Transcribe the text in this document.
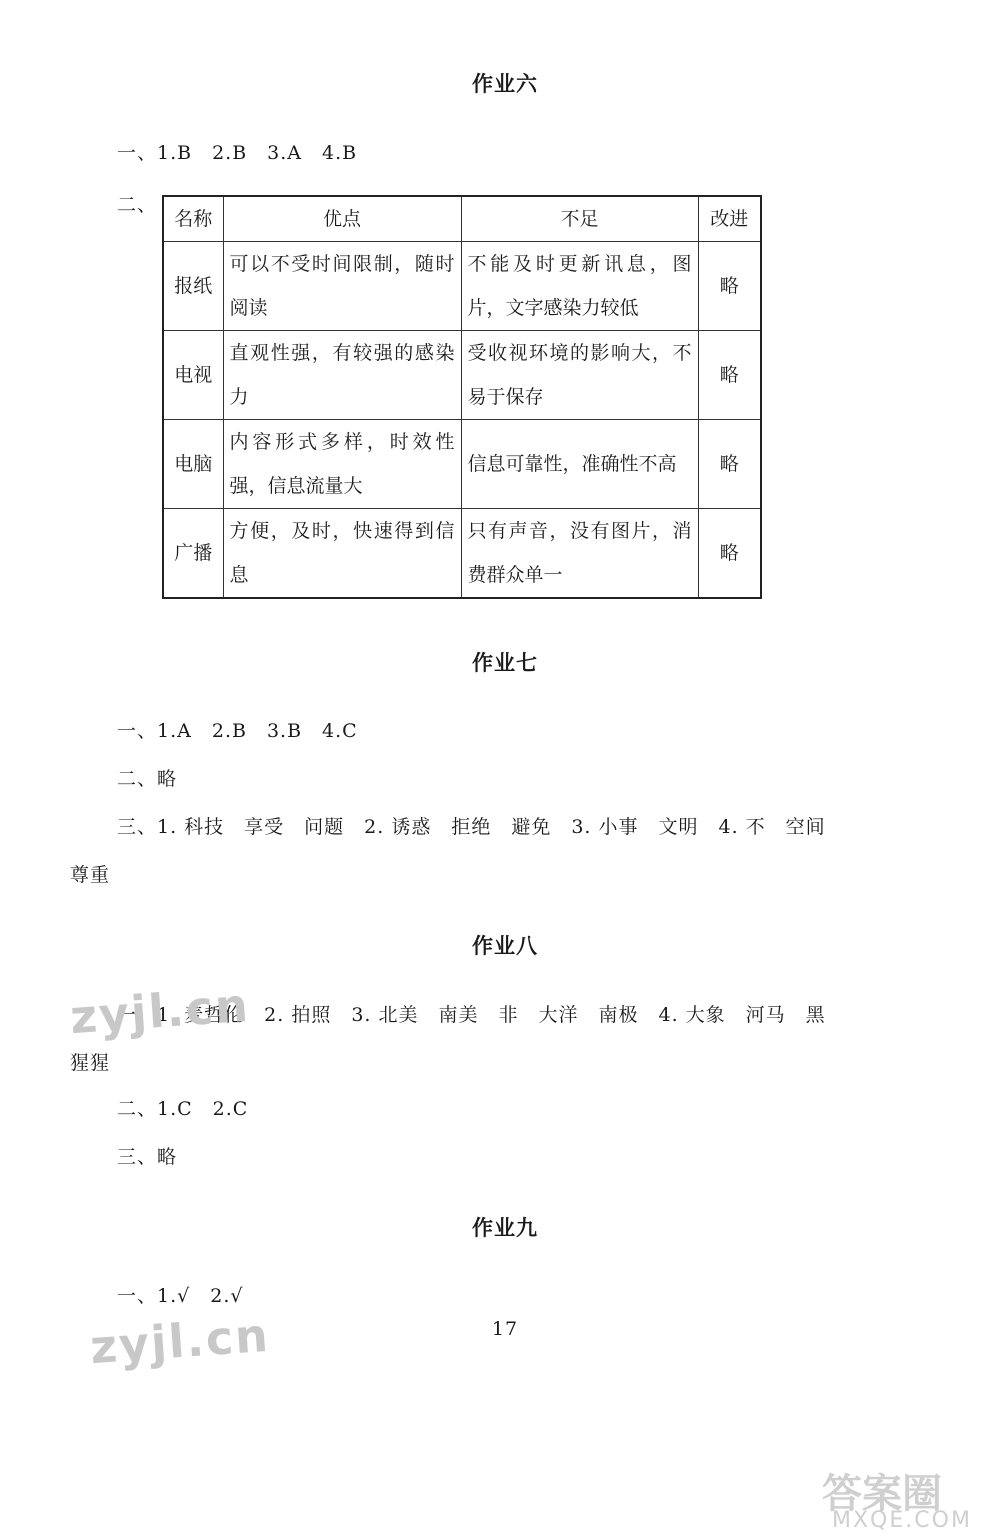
作业六
一、1.B　2.B　3.A　4.B
二、
名称	优点	不足	改进
报纸	可以不受时间限制，随时阅读	不能及时更新讯息，图片，文字感染力较低	略
电视	直观性强，有较强的感染力	受收视环境的影响大，不易于保存	略
电脑	内容形式多样，时效性强，信息流量大	信息可靠性，准确性不高	略
广播	方便，及时，快速得到信息	只有声音，没有图片，消费群众单一	略
作业七
一、1.A　2.B　3.B　4.C
二、略
三、1. 科技　享受　问题　2. 诱惑　拒绝　避免　3. 小事　文明　4. 不　空间
尊重
作业八
一、1. 麦哲伦　2. 拍照　3. 北美　南美　非　大洋　南极　4. 大象　河马　黑
猩猩
二、1.C　2.C
三、略
作业九
一、1.√　2.√
17
zyjl.cn
zyjl.cn
答案圈
MXQE.COM
